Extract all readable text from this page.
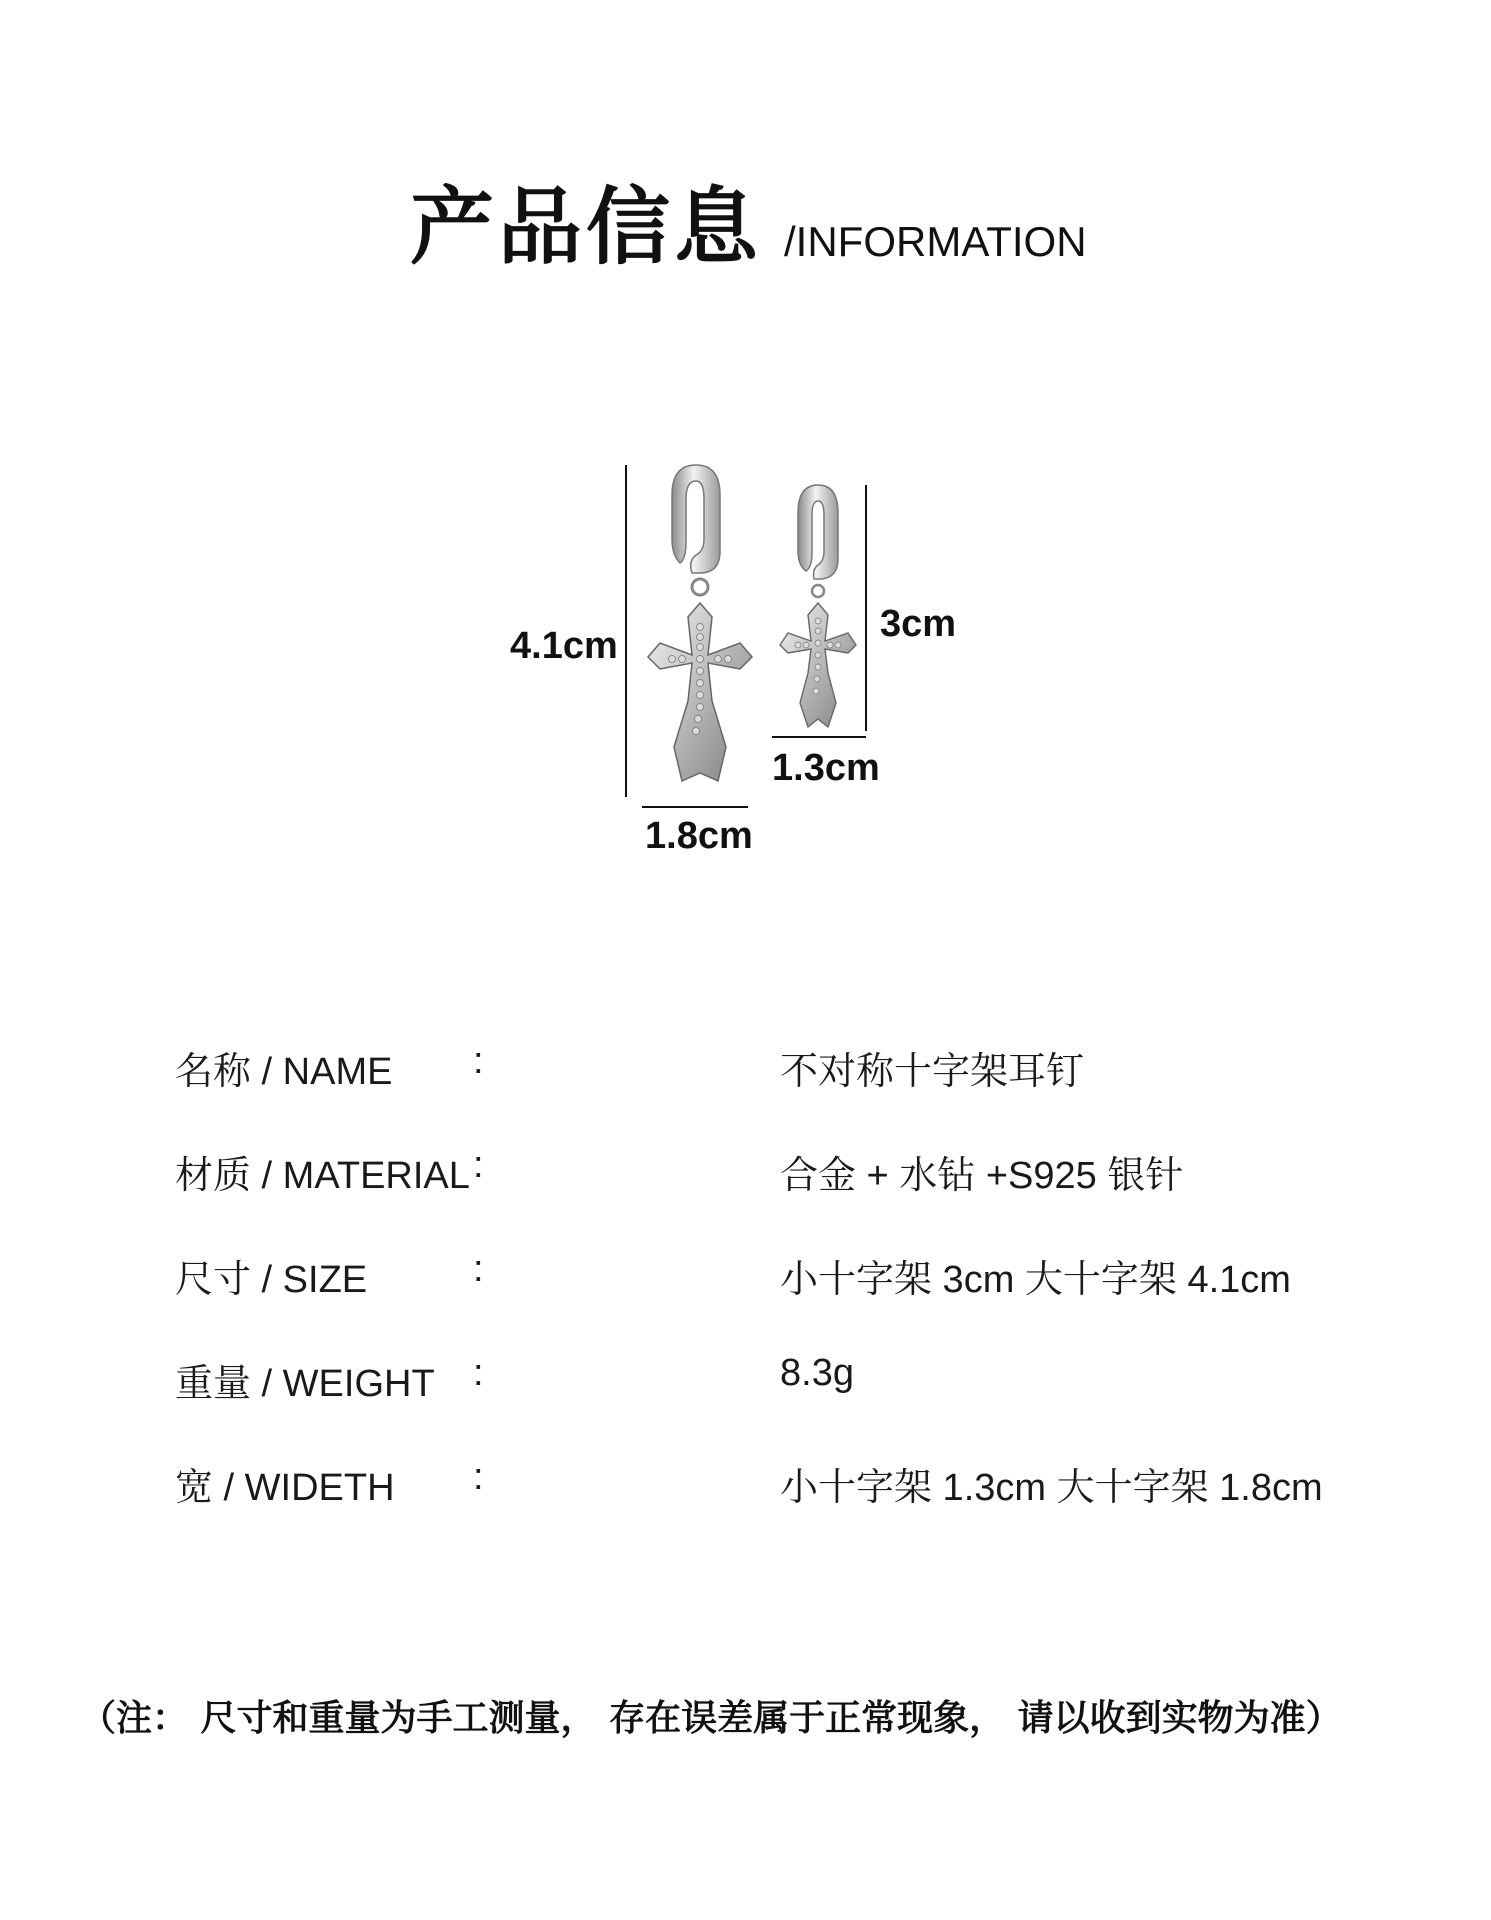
产品信息 /INFORMATION
4.1cm
1.8cm
3cm
1.3cm
名称 / NAME :	不对称十字架耳钉
材质 / MATERIAL :	合金 + 水钻 +S925 银针
尺寸 / SIZE	:	小十字架 3cm 大十字架 4.1cm
重量 / WEIGHT :	8.3g
宽 / WIDETH :	小十字架 1.3cm 大十字架 1.8cm
（注： 尺寸和重量为手工测量， 存在误差属于正常现象， 请以收到实物为准）
